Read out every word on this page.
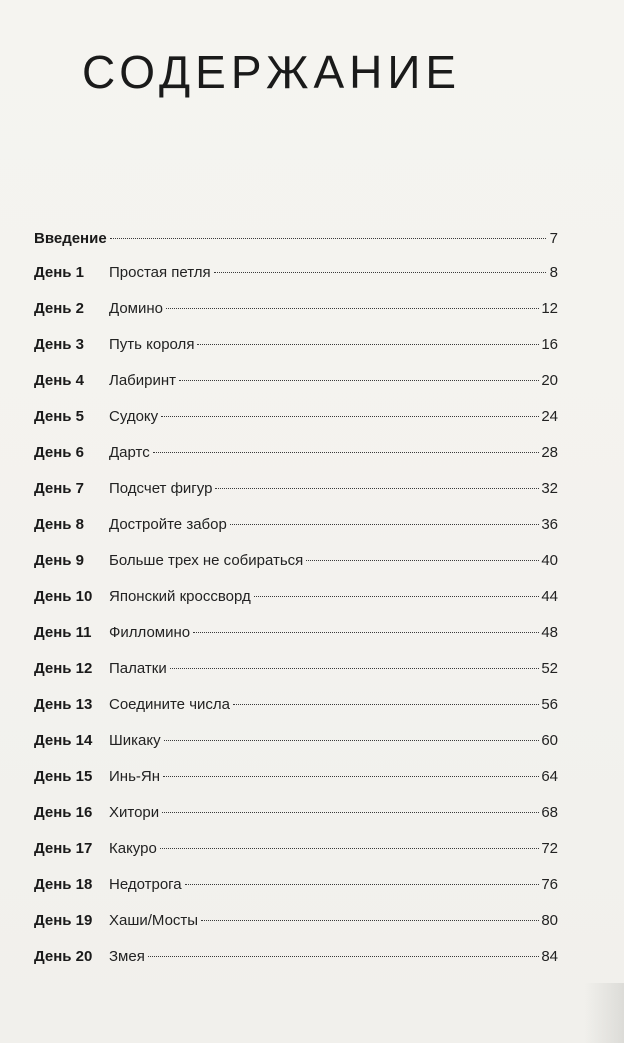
СОДЕРЖАНИЕ
Введение	7
День 1	Простая петля	8
День 2	Домино	12
День 3	Путь короля	16
День 4	Лабиринт	20
День 5	Судоку	24
День 6	Дартс	28
День 7	Подсчет фигур	32
День 8	Достройте забор	36
День 9	Больше трех не собираться	40
День 10	Японский кроссворд	44
День 11	Филломино	48
День 12	Палатки	52
День 13	Соедините числа	56
День 14	Шикаку	60
День 15	Инь-Ян	64
День 16	Хитори	68
День 17	Какуро	72
День 18	Недотрога	76
День 19	Хаши/Мосты	80
День 20	Змея	84
